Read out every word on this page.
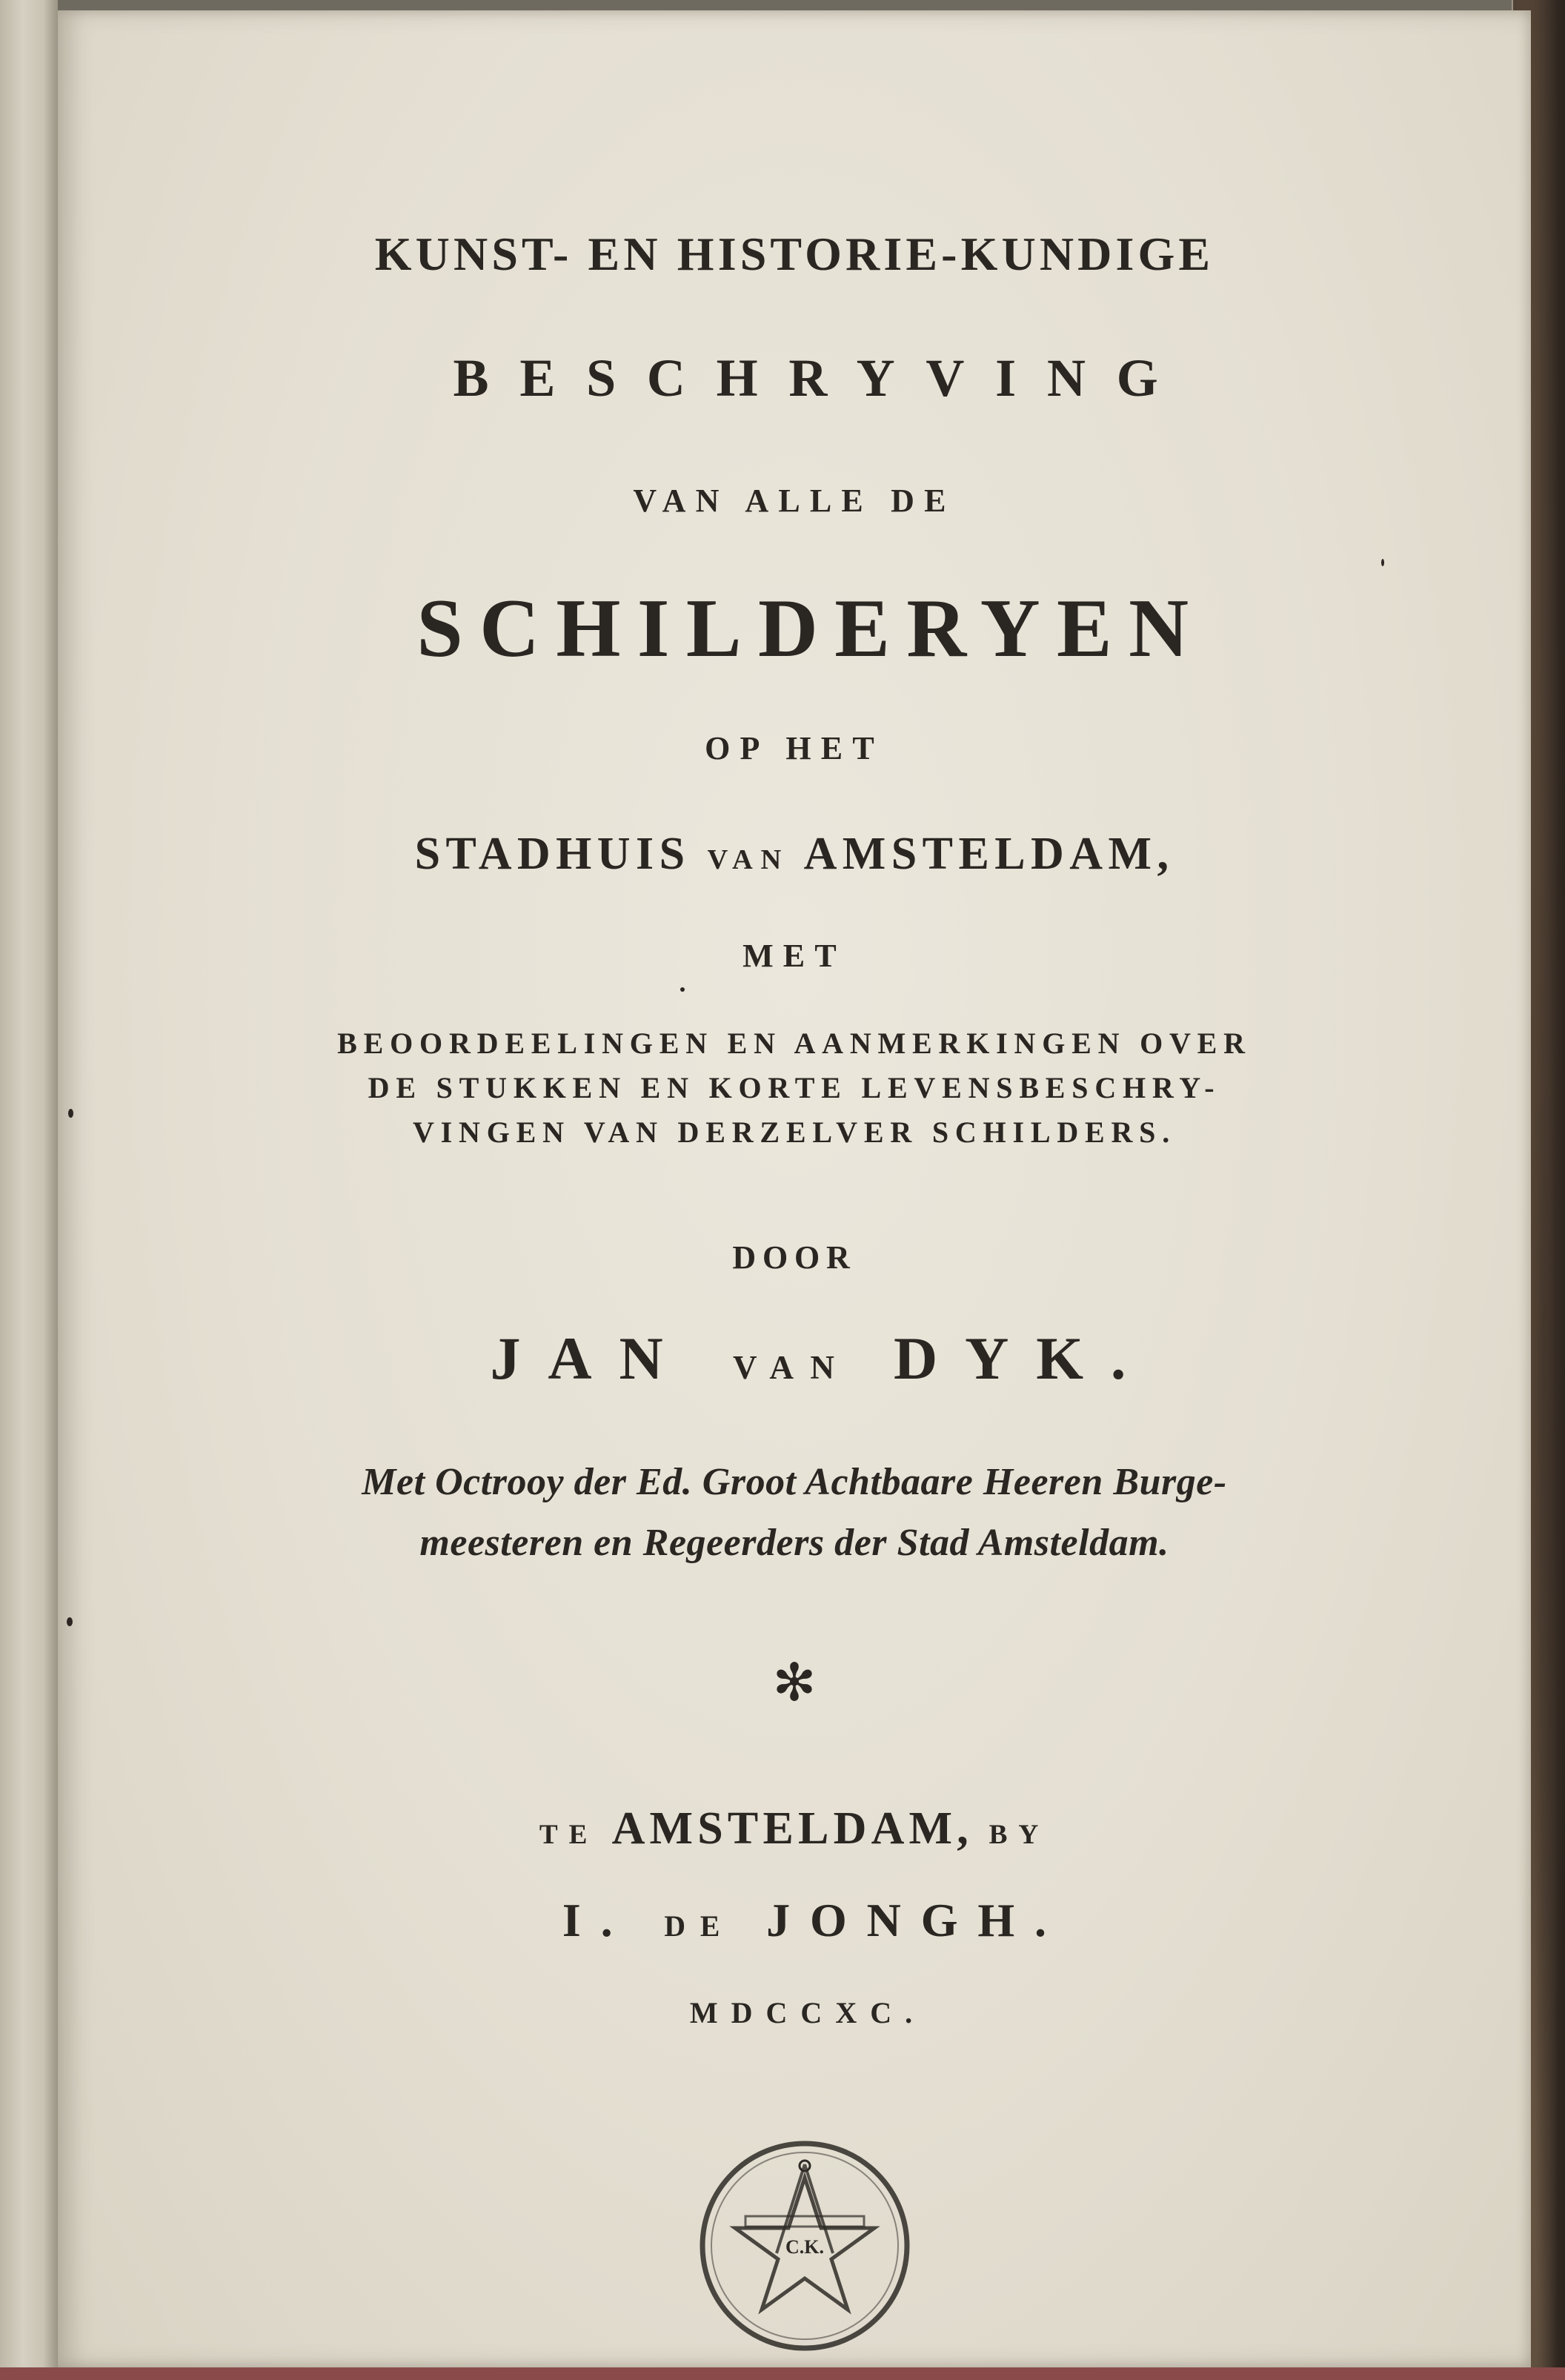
KUNST- EN HISTORIE-KUNDIGE

BESCHRYVING

VAN ALLE DE

SCHILDERYEN

OP HET

STADHUIS VAN AMSTELDAM,

MET

BEOORDEELINGEN EN AANMERKINGEN OVER
DE STUKKEN EN KORTE LEVENSBESCHRY-
VINGEN VAN DERZELVER SCHILDERS.

DOOR

JAN VAN DYK.

Met Octrooy der Ed. Groot Achtbaare Heeren Burge-
meesteren en Regeerders der Stad Amsteldam.
✻

TE AMSTELDAM, BY

I. DE JONGH.

MDCCXC.

C.K.
